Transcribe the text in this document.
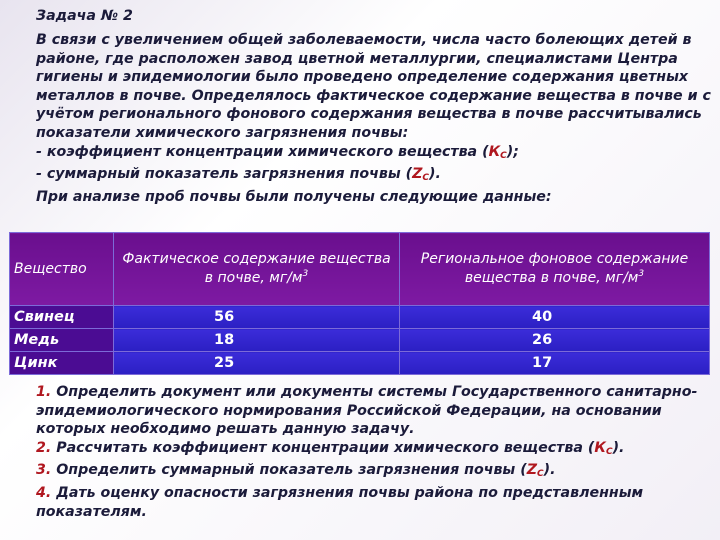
Задача № 2
В связи с увеличением общей заболеваемости, числа часто болеющих детей в районе, где расположен завод цветной металлургии, специалистами Центра гигиены и эпидемиологии было проведено определение содержания цветных металлов в почве. Определялось фактическое содержание вещества в почве и с учётом регионального фонового содержания вещества в почве рассчитывались показатели химического загрязнения почвы:
- коэффициент концентрации химического вещества $(К_С)$;
- суммарный показатель загрязнения почвы $(Z_C)$.
При анализе проб почвы были получены следующие данные:
Вещество	Фактическое содержание вещества в почве, $мг/м^3$	Региональное фоновое содержание вещества в почве, $мг/м^3$
Свинец	56	40
Медь	18	26
Цинк	25	17
1. Определить документ или документы системы Государственного санитарно-эпидемиологического нормирования Российской Федерации, на основании которых необходимо решать данную задачу.
2. Рассчитать коэффициент концентрации химического вещества $(К_С)$.
3. Определить суммарный показатель загрязнения почвы $(Z_C)$.
4. Дать оценку опасности загрязнения почвы района по представленным показателям.
